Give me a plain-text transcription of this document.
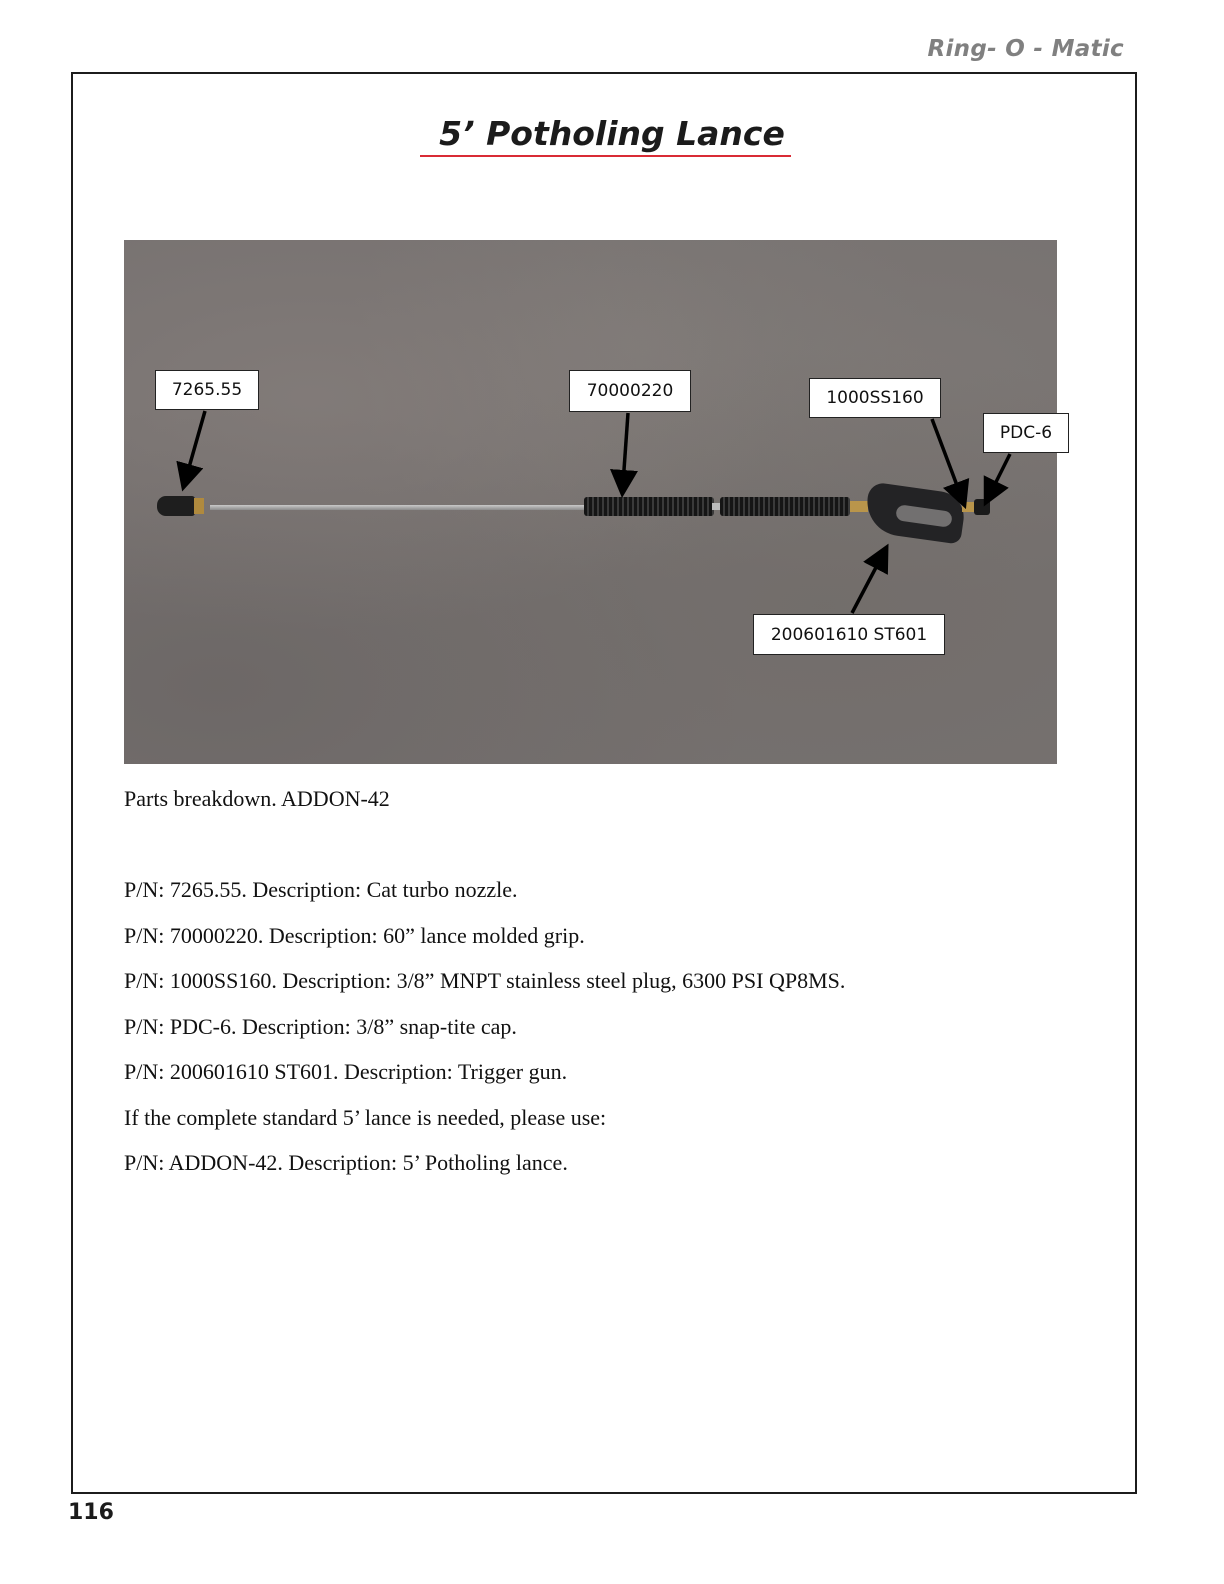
Ring- O - Matic
5’ Potholing Lance
7265.55	70000220	1000SS160
PDC-6
200601610 ST601
Parts breakdown. ADDON-42
P/N: 7265.55. Description: Cat turbo nozzle.
P/N: 70000220. Description: 60” lance molded grip.
P/N: 1000SS160. Description: 3/8” MNPT stainless steel plug, 6300 PSI QP8MS.
P/N: PDC-6. Description: 3/8” snap-tite cap.
P/N: 200601610 ST601. Description: Trigger gun.
If the complete standard 5’ lance is needed, please use:
P/N: ADDON-42. Description: 5’ Potholing lance.
116
